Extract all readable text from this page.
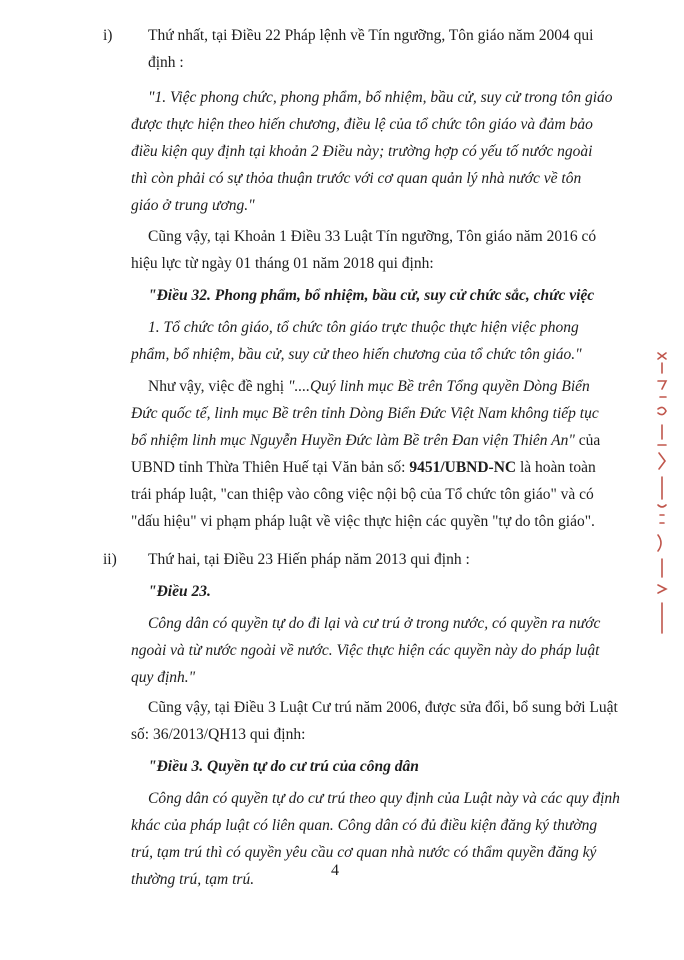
i) Thứ nhất, tại Điều 22 Pháp lệnh về Tín ngưỡng, Tôn giáo năm 2004 qui
định :
"1. Việc phong chức, phong phẩm, bổ nhiệm, bầu cử, suy cử trong tôn giáo
được thực hiện theo hiến chương, điều lệ của tổ chức tôn giáo và đảm bảo
điều kiện quy định tại khoản 2 Điều này; trường hợp có yếu tố nước ngoài
thì còn phải có sự thỏa thuận trước với cơ quan quản lý nhà nước về tôn
giáo ở trung ương."
Cũng vậy, tại Khoản 1 Điều 33 Luật Tín ngưỡng, Tôn giáo năm 2016 có
hiệu lực từ ngày 01 tháng 01 năm 2018 qui định:
"Điều 32. Phong phẩm, bổ nhiệm, bầu cử, suy cử chức sắc, chức việc
1. Tổ chức tôn giáo, tổ chức tôn giáo trực thuộc thực hiện việc phong
phẩm, bổ nhiệm, bầu cử, suy cử theo hiến chương của tổ chức tôn giáo."
Như vậy, việc đề nghị "....Quý linh mục Bề trên Tổng quyền Dòng Biển
Đức quốc tế, linh mục Bề trên tỉnh Dòng Biển Đức Việt Nam không tiếp tục
bổ nhiệm linh mục Nguyễn Huyền Đức làm Bề trên Đan viện Thiên An" của
UBND tỉnh Thừa Thiên Huế tại Văn bản số: 9451/UBND-NC là hoàn toàn
trái pháp luật, "can thiệp vào công việc nội bộ của Tổ chức tôn giáo" và có
"dấu hiệu" vi phạm pháp luật về việc thực hiện các quyền "tự do tôn giáo".
ii) Thứ hai, tại Điều 23 Hiến pháp năm 2013 qui định :
"Điều 23.
Công dân có quyền tự do đi lại và cư trú ở trong nước, có quyền ra nước
ngoài và từ nước ngoài về nước. Việc thực hiện các quyền này do pháp luật
quy định."
Cũng vậy, tại Điều 3 Luật Cư trú năm 2006, được sửa đổi, bổ sung bởi Luật
số: 36/2013/QH13 qui định:
"Điều 3. Quyền tự do cư trú của công dân
Công dân có quyền tự do cư trú theo quy định của Luật này và các quy định
khác của pháp luật có liên quan. Công dân có đủ điều kiện đăng ký thường
trú, tạm trú thì có quyền yêu cầu cơ quan nhà nước có thẩm quyền đăng ký
thường trú, tạm trú.
4
